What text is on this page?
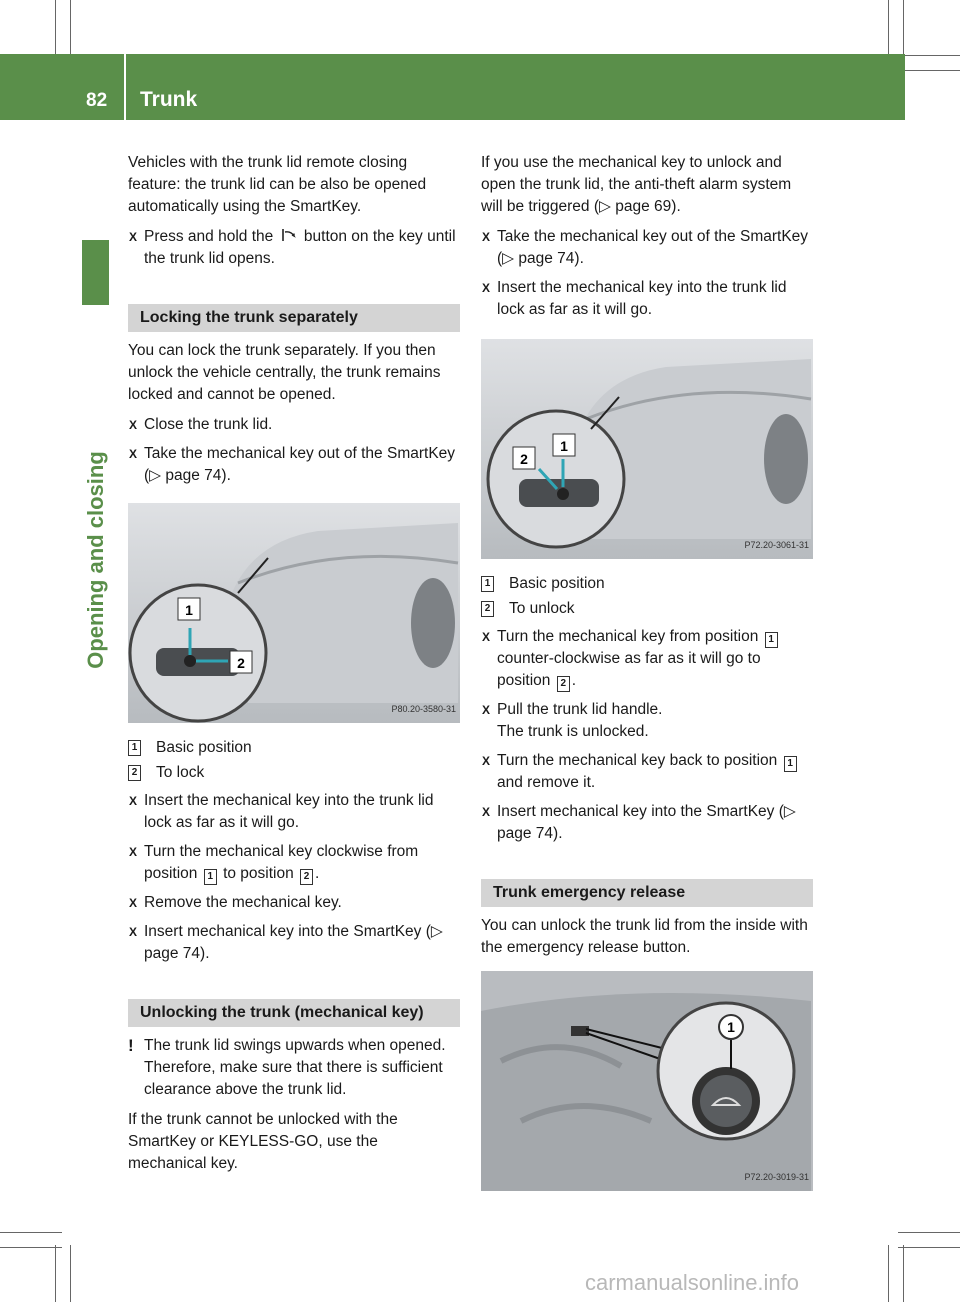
82 Trunk
Opening and closing

Vehicles with the trunk lid remote closing feature: the trunk lid can be also be opened automatically using the SmartKey.

X Press and hold the button on the key until the trunk lid opens.
Locking the trunk separately

You can lock the trunk separately. If you then unlock the vehicle centrally, the trunk remains locked and cannot be opened.

X Close the trunk lid.
X Take the mechanical key out of the SmartKey (▷ page 74).
1
2
P80.20-3580-31
1 Basic position
2 To lock
X Insert the mechanical key into the trunk lid lock as far as it will go.
X Turn the mechanical key clockwise from position 1 to position 2 .
X Remove the mechanical key.
X Insert mechanical key into the SmartKey (▷ page 74).
Unlocking the trunk (mechanical key)
! The trunk lid swings upwards when opened. Therefore, make sure that there is sufficient clearance above the trunk lid.

If the trunk cannot be unlocked with the SmartKey or KEYLESS-GO, use the mechanical key.

If you use the mechanical key to unlock and open the trunk lid, the anti-theft alarm system will be triggered (▷ page 69).

X Take the mechanical key out of the SmartKey (▷ page 74).
X Insert the mechanical key into the trunk lid lock as far as it will go.
1
2
P72.20-3061-31
1 Basic position
2 To unlock
X Turn the mechanical key from position 1 counter-clockwise as far as it will go to position 2 .
X Pull the trunk lid handle.
The trunk is unlocked.
X Turn the mechanical key back to position 1 and remove it.
X Insert mechanical key into the SmartKey (▷ page 74).
Trunk emergency release

You can unlock the trunk lid from the inside with the emergency release button.

1
P72.20-3019-31
carmanualsonline.info
